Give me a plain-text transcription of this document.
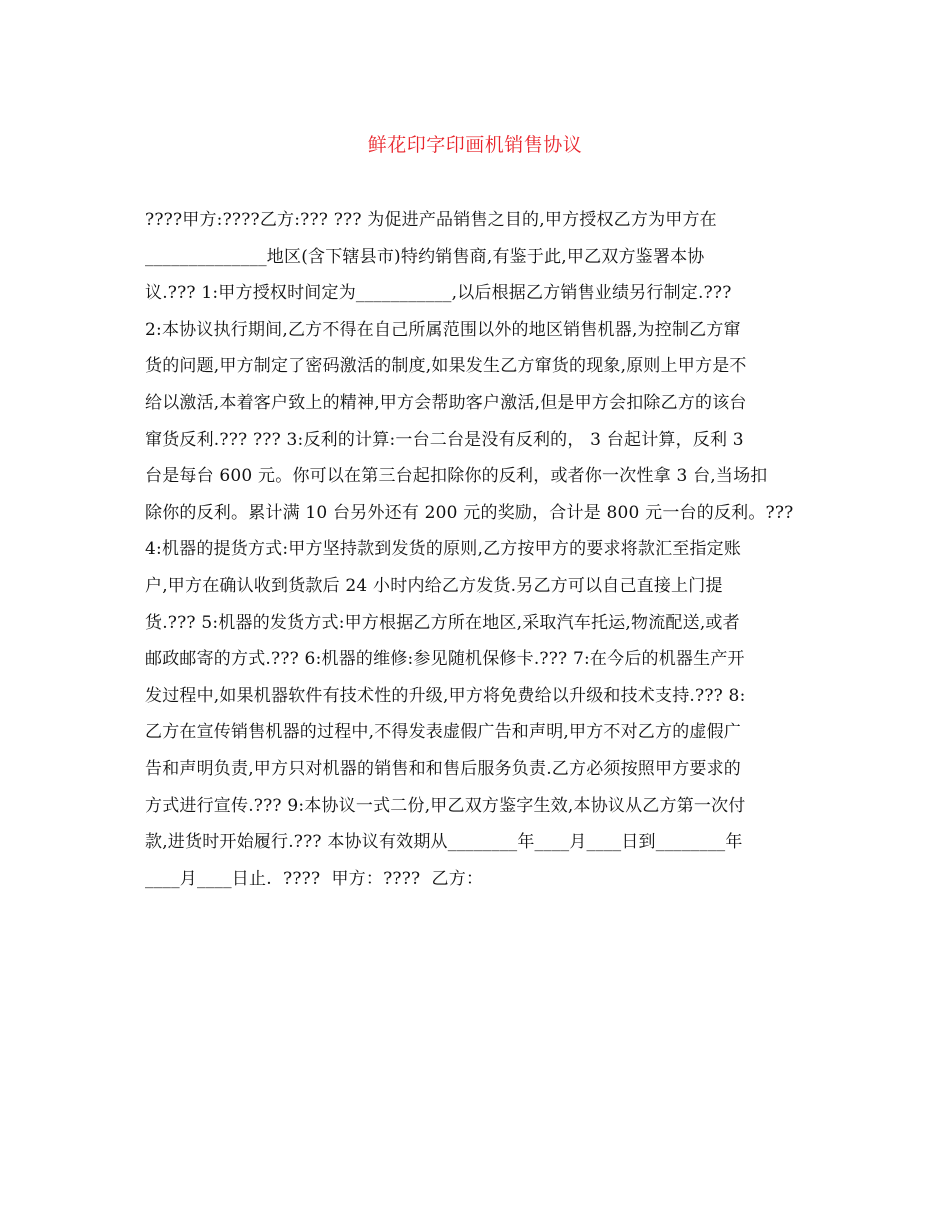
鲜花印字印画机销售协议
????甲方:????乙方:??? ??? 为促进产品销售之目的,甲方授权乙方为甲方在
______________地区(含下辖县市)特约销售商,有鉴于此,甲乙双方鉴署本协
议.??? 1:甲方授权时间定为___________,以后根据乙方销售业绩另行制定.???
2:本协议执行期间,乙方不得在自己所属范围以外的地区销售机器,为控制乙方窜
货的问题,甲方制定了密码激活的制度,如果发生乙方窜货的现象,原则上甲方是不
给以激活,本着客户致上的精神,甲方会帮助客户激活,但是甲方会扣除乙方的该台
窜货反利.??? ??? 3:反利的计算:一台二台是没有反利的， 3 台起计算，反利 3
台是每台 600 元。你可以在第三台起扣除你的反利，或者你一次性拿 3 台,当场扣
除你的反利。累计满 10 台另外还有 200 元的奖励，合计是 800 元一台的反利。???
4:机器的提货方式:甲方坚持款到发货的原则,乙方按甲方的要求将款汇至指定账
户,甲方在确认收到货款后 24 小时内给乙方发货.另乙方可以自己直接上门提
货.??? 5:机器的发货方式:甲方根据乙方所在地区,采取汽车托运,物流配送,或者
邮政邮寄的方式.??? 6:机器的维修:参见随机保修卡.??? 7:在今后的机器生产开
发过程中,如果机器软件有技术性的升级,甲方将免费给以升级和技术支持.??? 8:
乙方在宣传销售机器的过程中,不得发表虚假广告和声明,甲方不对乙方的虚假广
告和声明负责,甲方只对机器的销售和和售后服务负责.乙方必须按照甲方要求的
方式进行宣传.??? 9:本协议一式二份,甲乙双方鉴字生效,本协议从乙方第一次付
款,进货时开始履行.??? 本协议有效期从________年____月____日到________年
____月____日止.  ????  甲方：????  乙方：
